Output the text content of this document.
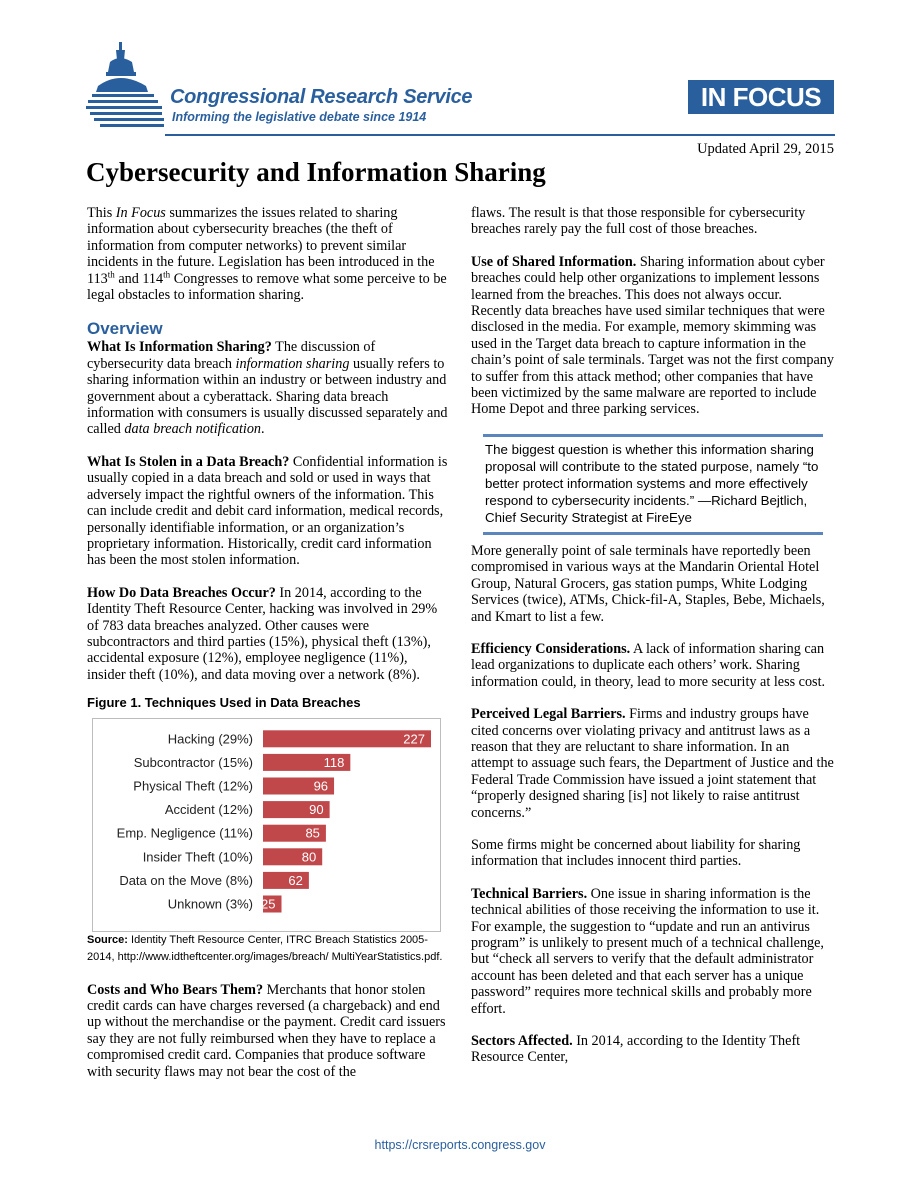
Congressional Research Service
Informing the legislative debate since 1914
IN FOCUS
Updated April 29, 2015
Cybersecurity and Information Sharing

This In Focus summarizes the issues related to sharing information about cybersecurity breaches (the theft of information from computer networks) to prevent similar incidents in the future. Legislation has been introduced in the 113th and 114th Congresses to remove what some perceive to be legal obstacles to information sharing.

Overview

What Is Information Sharing? The discussion of cybersecurity data breach information sharing usually refers to sharing information within an industry or between industry and government about a cyberattack. Sharing data breach information with consumers is usually discussed separately and called data breach notification.

What Is Stolen in a Data Breach? Confidential information is usually copied in a data breach and sold or used in ways that adversely impact the rightful owners of the information. This can include credit and debit card information, medical records, personally identifiable information, or an organization’s proprietary information. Historically, credit card information has been the most stolen information.

How Do Data Breaches Occur? In 2014, according to the Identity Theft Resource Center, hacking was involved in 29% of 783 data breaches analyzed. Other causes were subcontractors and third parties (15%), physical theft (13%), accidental exposure (12%), employee negligence (11%), insider theft (10%), and data moving over a network (8%).

Figure 1. Techniques Used in Data Breaches
Hacking (29%)	227
Subcontractor (15%)	118
Physical Theft (12%)	96
Accident (12%)	90
Emp. Negligence (11%)	85
Insider Theft (10%)	80
Data on the Move (8%)	62
Unknown (3%) 25

Source: Identity Theft Resource Center, ITRC Breach Statistics 2005-2014, http://www.idtheftcenter.org/images/breach/ MultiYearStatistics.pdf.

Costs and Who Bears Them? Merchants that honor stolen credit cards can have charges reversed (a chargeback) and end up without the merchandise or the payment. Credit card issuers say they are not fully reimbursed when they have to replace a compromised credit card. Companies that produce software with security flaws may not bear the cost of the

flaws. The result is that those responsible for cybersecurity breaches rarely pay the full cost of those breaches.

Use of Shared Information. Sharing information about cyber breaches could help other organizations to implement lessons learned from the breaches. This does not always occur. Recently data breaches have used similar techniques that were disclosed in the media. For example, memory skimming was used in the Target data breach to capture information in the chain’s point of sale terminals. Target was not the first company to suffer from this attack method; other companies that have been victimized by the same malware are reported to include Home Depot and three parking services.

The biggest question is whether this information sharing proposal will contribute to the stated purpose, namely “to better protect information systems and more effectively respond to cybersecurity incidents.” —Richard Bejtlich, Chief Security Strategist at FireEye

More generally point of sale terminals have reportedly been compromised in various ways at the Mandarin Oriental Hotel Group, Natural Grocers, gas station pumps, White Lodging Services (twice), ATMs, Chick-fil-A, Staples, Bebe, Michaels, and Kmart to list a few.

Efficiency Considerations. A lack of information sharing can lead organizations to duplicate each others’ work. Sharing information could, in theory, lead to more security at less cost.

Perceived Legal Barriers. Firms and industry groups have cited concerns over violating privacy and antitrust laws as a reason that they are reluctant to share information. In an attempt to assuage such fears, the Department of Justice and the Federal Trade Commission have issued a joint statement that “properly designed sharing [is] not likely to raise antitrust concerns.”

Some firms might be concerned about liability for sharing information that includes innocent third parties.

Technical Barriers. One issue in sharing information is the technical abilities of those receiving the information to use it. For example, the suggestion to “update and run an antivirus program” is unlikely to present much of a technical challenge, but “check all servers to verify that the default administrator account has been deleted and that each server has a unique password” requires more technical skills and probably more effort.

Sectors Affected. In 2014, according to the Identity Theft Resource Center,

https://crsreports.congress.gov
